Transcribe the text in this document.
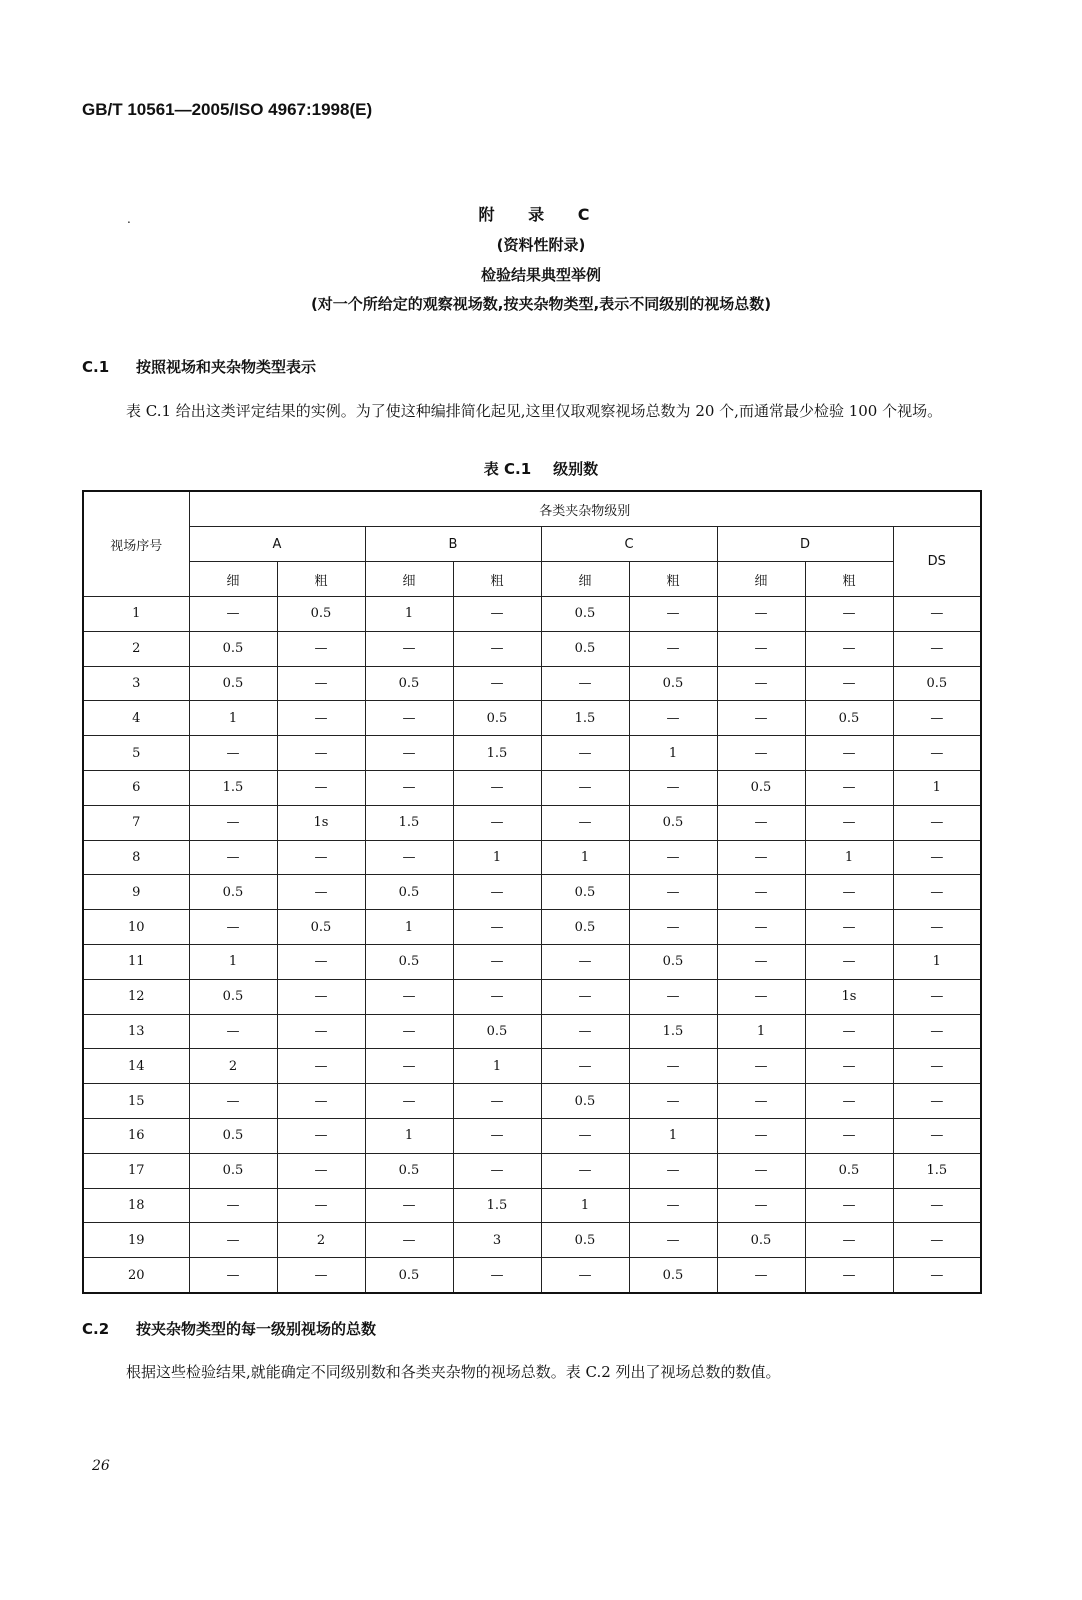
GB/T 10561—2005/ISO 4967:1998(E)
.	附 录 C
(资料性附录)
检验结果典型举例
(对一个所给定的观察视场数,按夹杂物类型,表示不同级别的视场总数)
C.1 按照视场和夹杂物类型表示
表 C.1 给出这类评定结果的实例。为了使这种编排简化起见,这里仅取观察视场总数为 20 个,而通常最少检验 100 个视场。
表 C.1 级别数
视场序号	各类夹杂物级别								
	A		B		C		D		DS
	细	粗	细	粗	细	粗	细	粗	
1	—	0.5	1	—	0.5	—	—	—	—
2	0.5	—	—	—	0.5	—	—	—	—
3	0.5	—	0.5	—	—	0.5	—	—	0.5
4	1	—	—	0.5	1.5	—	—	0.5	—
5	—	—	—	1.5	—	1	—	—	—
6	1.5	—	—	—	—	—	0.5	—	1
7	—	1s	1.5	—	—	0.5	—	—	—
8	—	—	—	1	1	—	—	1	—
9	0.5	—	0.5	—	0.5	—	—	—	—
10	—	0.5	1	—	0.5	—	—	—	—
11	1	—	0.5	—	—	0.5	—	—	1
12	0.5	—	—	—	—	—	—	1s	—
13	—	—	—	0.5	—	1.5	1	—	—
14	2	—	—	1	—	—	—	—	—
15	—	—	—	—	0.5	—	—	—	—
16	0.5	—	1	—	—	1	—	—	—
17	0.5	—	0.5	—	—	—	—	0.5	1.5
18	—	—	—	1.5	1	—	—	—	—
19	—	2	—	3	0.5	—	0.5	—	—
20	—	—	0.5	—	—	0.5	—	—	—
C.2 按夹杂物类型的每一级别视场的总数
根据这些检验结果,就能确定不同级别数和各类夹杂物的视场总数。表 C.2 列出了视场总数的数值。
26
